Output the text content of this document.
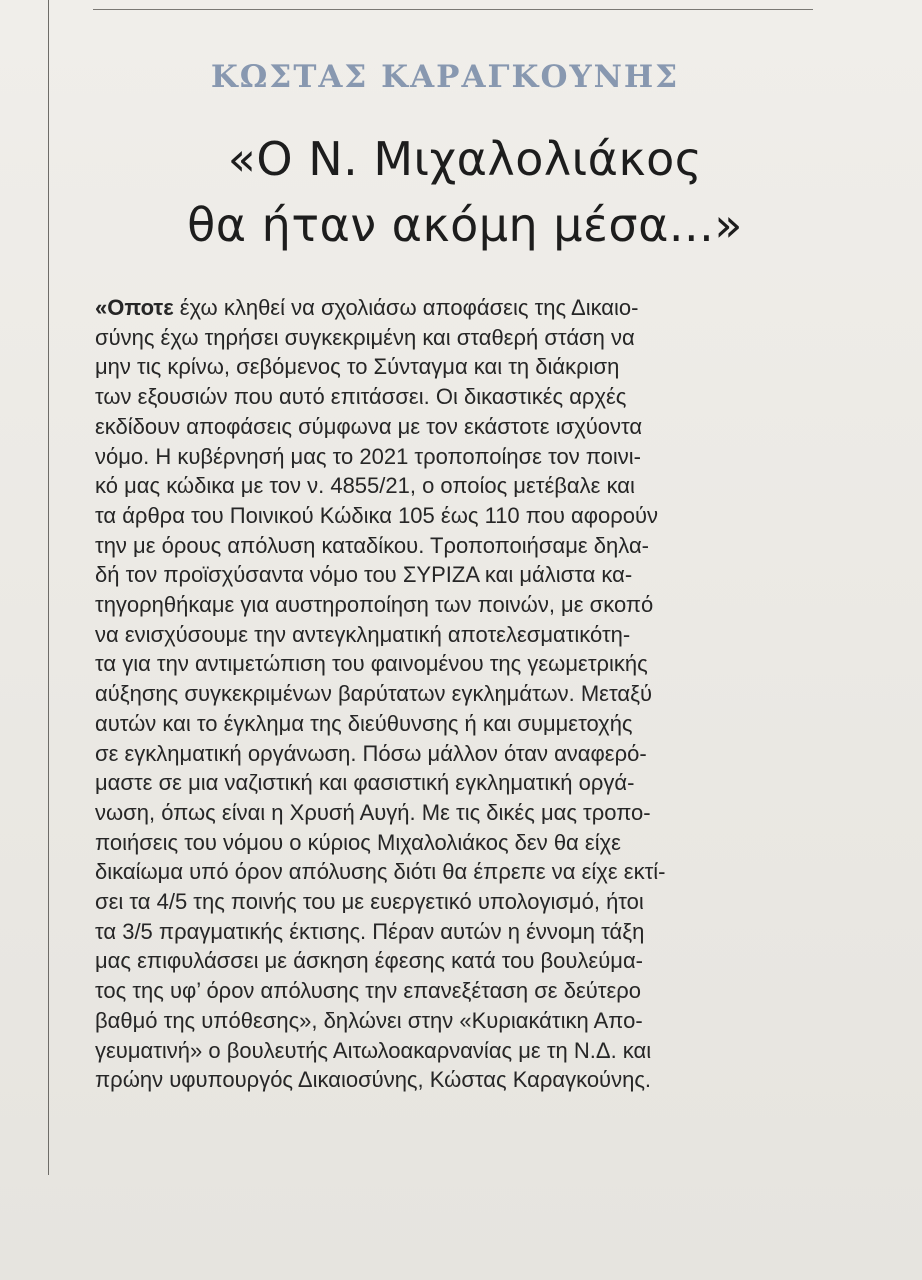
ΚΩΣΤΑΣ ΚΑΡΑΓΚΟΥΝΗΣ
«Ο Ν. Μιχαλολιάκος
θα ήταν ακόμη μέσα...»
«Οποτε έχω κληθεί να σχολιάσω αποφάσεις της Δικαιο-
σύνης έχω τηρήσει συγκεκριμένη και σταθερή στάση να
μην τις κρίνω, σεβόμενος το Σύνταγμα και τη διάκριση
των εξουσιών που αυτό επιτάσσει. Οι δικαστικές αρχές
εκδίδουν αποφάσεις σύμφωνα με τον εκάστοτε ισχύοντα
νόμο. Η κυβέρνησή μας το 2021 τροποποίησε τον ποινι-
κό μας κώδικα με τον ν. 4855/21, ο οποίος μετέβαλε και
τα άρθρα του Ποινικού Κώδικα 105 έως 110 που αφορούν
την με όρους απόλυση καταδίκου. Τροποποιήσαμε δηλα-
δή τον προϊσχύσαντα νόμο του ΣΥΡΙΖΑ και μάλιστα κα-
τηγορηθήκαμε για αυστηροποίηση των ποινών, με σκοπό
να ενισχύσουμε την αντεγκληματική αποτελεσματικότη-
τα για την αντιμετώπιση του φαινομένου της γεωμετρικής
αύξησης συγκεκριμένων βαρύτατων εγκλημάτων. Μεταξύ
αυτών και το έγκλημα της διεύθυνσης ή και συμμετοχής
σε εγκληματική οργάνωση. Πόσω μάλλον όταν αναφερό-
μαστε σε μια ναζιστική και φασιστική εγκληματική οργά-
νωση, όπως είναι η Χρυσή Αυγή. Με τις δικές μας τροπο-
ποιήσεις του νόμου ο κύριος Μιχαλολιάκος δεν θα είχε
δικαίωμα υπό όρον απόλυσης διότι θα έπρεπε να είχε εκτί-
σει τα 4/5 της ποινής του με ευεργετικό υπολογισμό, ήτοι
τα 3/5 πραγματικής έκτισης. Πέραν αυτών η έννομη τάξη
μας επιφυλάσσει με άσκηση έφεσης κατά του βουλεύμα-
τος της υφ’ όρον απόλυσης την επανεξέταση σε δεύτερο
βαθμό της υπόθεσης», δηλώνει στην «Κυριακάτικη Απο-
γευματινή» ο βουλευτής Αιτωλοακαρνανίας με τη Ν.Δ. και
πρώην υφυπουργός Δικαιοσύνης, Κώστας Καραγκούνης.
